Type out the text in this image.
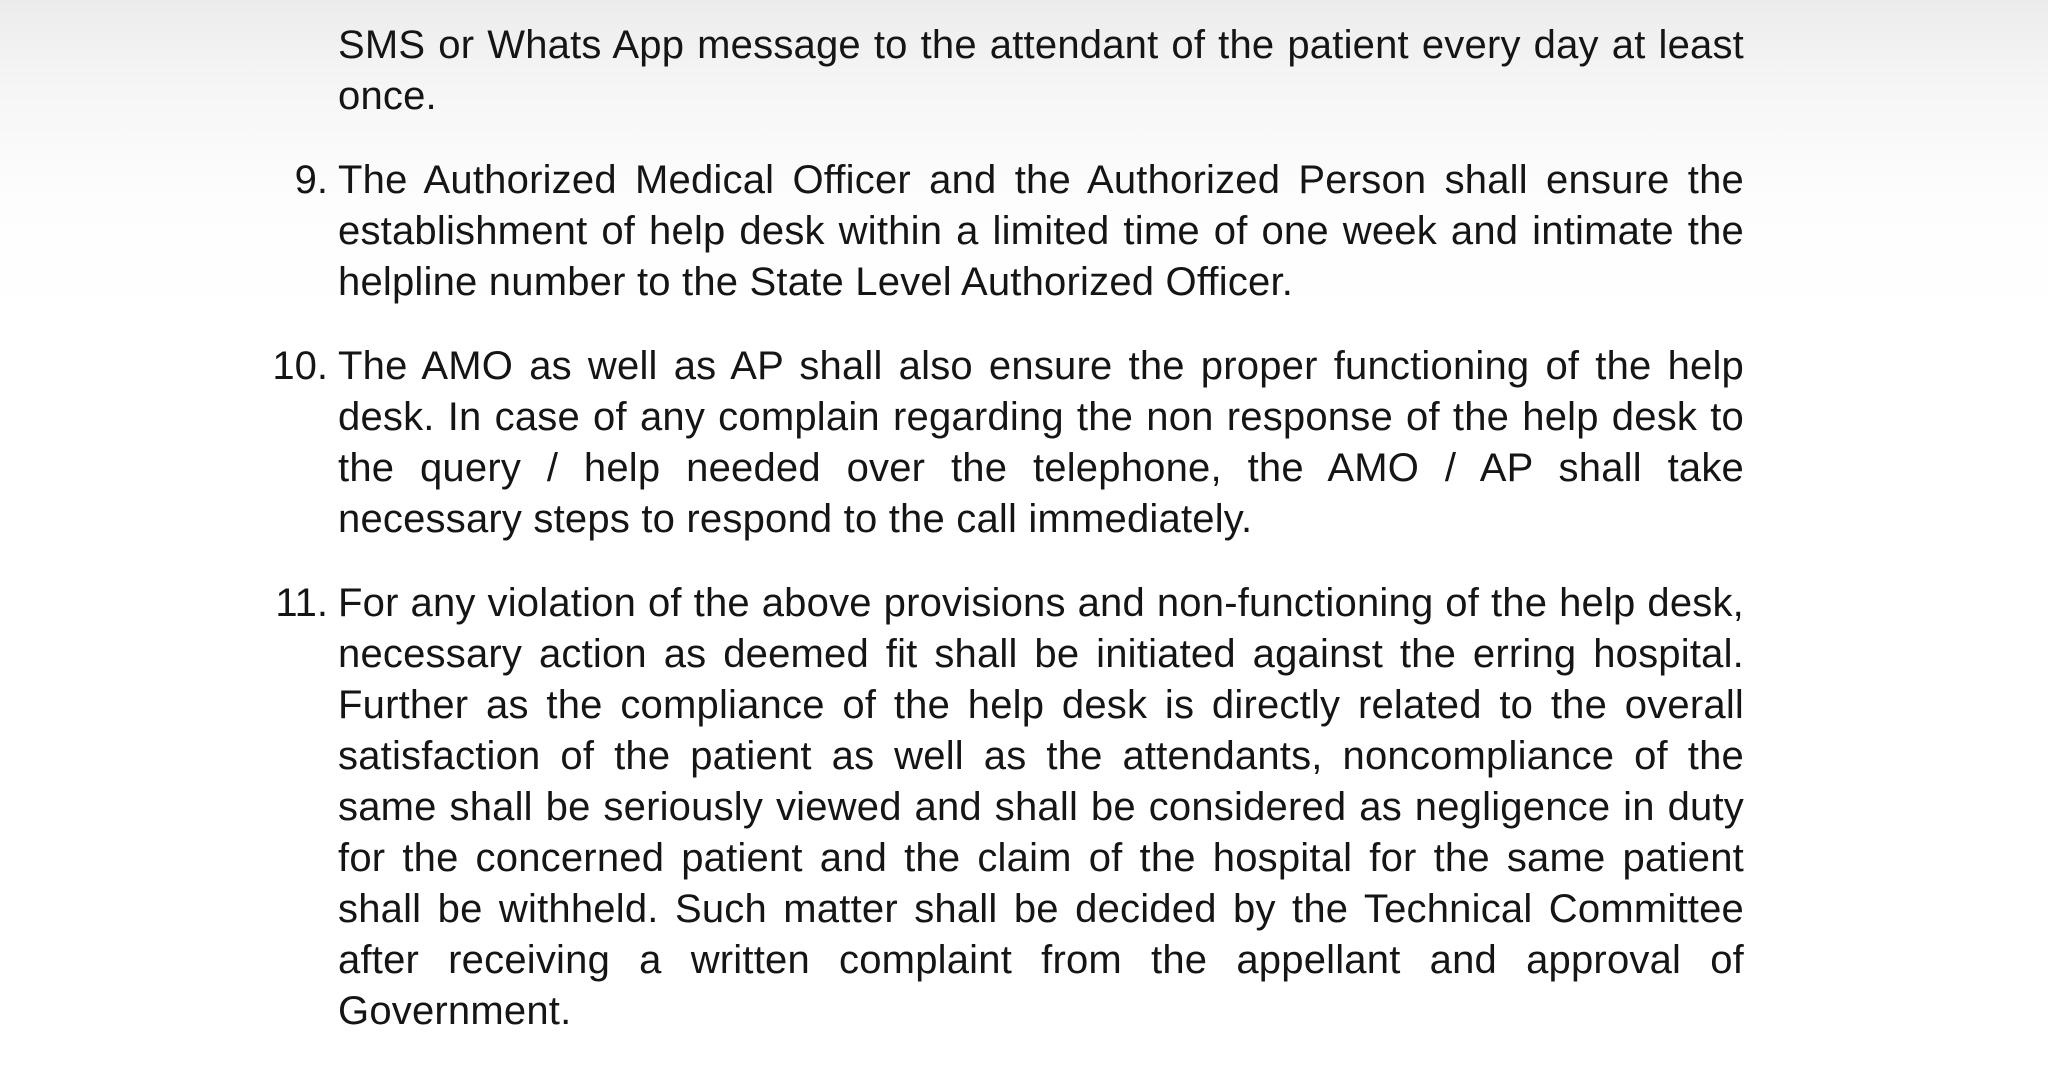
SMS or Whats App message to the attendant of the patient every day at least
once.
9. The Authorized Medical Officer and the Authorized Person shall ensure the
establishment of help desk within a limited time of one week and intimate the
helpline number to the State Level Authorized Officer.
10. The AMO as well as AP shall also ensure the proper functioning of the help
desk. In case of any complain regarding the non response of the help desk to
the query / help needed over the telephone, the AMO / AP shall take
necessary steps to respond to the call immediately.
11. For any violation of the above provisions and non-functioning of the help desk,
necessary action as deemed fit shall be initiated against the erring hospital.
Further as the compliance of the help desk is directly related to the overall
satisfaction of the patient as well as the attendants, noncompliance of the
same shall be seriously viewed and shall be considered as negligence in duty
for the concerned patient and the claim of the hospital for the same patient
shall be withheld. Such matter shall be decided by the Technical Committee
after receiving a written complaint from the appellant and approval of
Government.
